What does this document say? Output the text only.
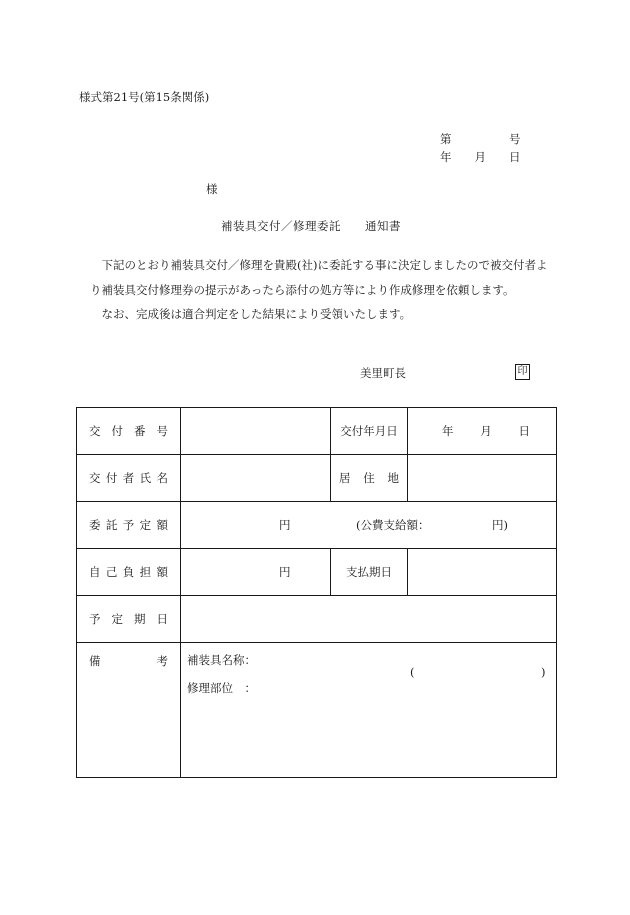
様式第21号(第15条関係)
第　　　　　号
年　　月　　日
様
補装具交付／修理委託　　通知書

下記のとおり補装具交付／修理を貴殿(社)に委託する事に決定しましたので被交付者より補装具交付修理券の提示があったら添付の処方等により作成修理を依頼します。

なお、完成後は適合判定をした結果により受領いたします。

美里町長	印
交 付 番 号		交付年月日	年 月 日

交 付 者 氏 名		居 住 地	

委 託 予 定 額	円 (公費支給額： 円)		

自 己 負 担 額	円	支払期日	

予 定 期 日			

備 考	補装具名称：
( )
修理部位　：		
